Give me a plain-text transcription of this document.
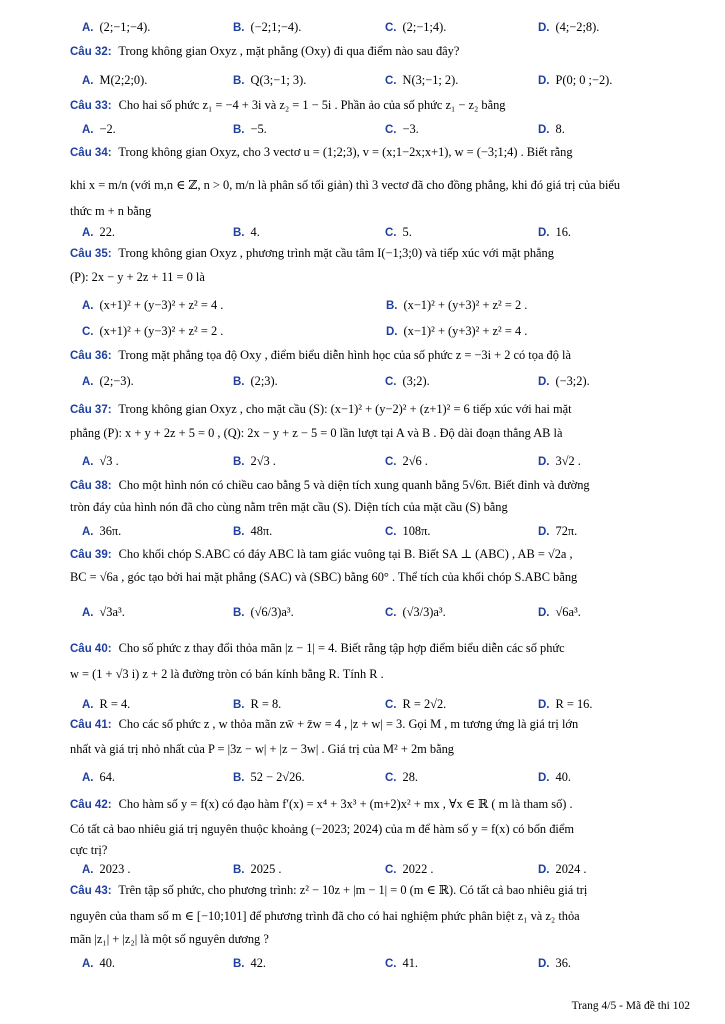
A. (2;−1;−4).	B. (−2;1;−4).	C. (2;−1;4).	D. (4;−2;8).
Câu 32: Trong không gian Oxyz , mặt phẳng (Oxy) đi qua điểm nào sau đây?
A. M(2;2;0).	B. Q(3;−1; 3).	C. N(3;−1; 2).	D. P(0; 0 ;−2).
Câu 33: Cho hai số phức z₁ = −4 + 3i và z₂ = 1 − 5i . Phần ảo của số phức z₁ − z₂ bằng
A. −2.	B. −5.	C. −3.	D. 8.
Câu 34: Trong không gian Oxyz, cho 3 vectơ u = (1;2;3), v = (x;1−2x;x+1), w = (−3;1;4) . Biết rằng
khi x = m/n (với m,n ∈ ℤ, n > 0, m/n là phân số tối giản) thì 3 vectơ đã cho đồng phẳng, khi đó giá trị của biểu
thức m + n bằng
A. 22.	B. 4.	C. 5.	D. 16.
Câu 35: Trong không gian Oxyz , phương trình mặt cầu tâm I(−1;3;0) và tiếp xúc với mặt phẳng
(P): 2x − y + 2z + 11 = 0 là
A. (x+1)² + (y−3)² + z² = 4 .	B. (x−1)² + (y+3)² + z² = 2 .
C. (x+1)² + (y−3)² + z² = 2 .	D. (x−1)² + (y+3)² + z² = 4 .
Câu 36: Trong mặt phẳng tọa độ Oxy , điểm biểu diễn hình học của số phức z = −3i + 2 có tọa độ là
A. (2;−3).	B. (2;3).	C. (3;2).	D. (−3;2).
Câu 37: Trong không gian Oxyz , cho mặt cầu (S): (x−1)² + (y−2)² + (z+1)² = 6 tiếp xúc với hai mặt
phẳng (P): x + y + 2z + 5 = 0 , (Q): 2x − y + z − 5 = 0 lần lượt tại A và B . Độ dài đoạn thẳng AB là
A. √3 .	B. 2√3 .	C. 2√6 .	D. 3√2 .
Câu 38: Cho một hình nón có chiều cao bằng 5 và diện tích xung quanh bằng 5√6π. Biết đỉnh và đường
tròn đáy của hình nón đã cho cùng nằm trên mặt cầu (S). Diện tích của mặt cầu (S) bằng
A. 36π.	B. 48π.	C. 108π.	D. 72π.
Câu 39: Cho khối chóp S.ABC có đáy ABC là tam giác vuông tại B. Biết SA ⊥ (ABC) , AB = √2a ,
BC = √6a , góc tạo bởi hai mặt phẳng (SAC) và (SBC) bằng 60° . Thể tích của khối chóp S.ABC bằng
A. √3a³.	B. (√6/3)a³.	C. (√3/3)a³.	D. √6a³.
Câu 40: Cho số phức z thay đổi thỏa mãn |z − 1| = 4. Biết rằng tập hợp điểm biểu diễn các số phức
w = (1 + √3 i) z + 2 là đường tròn có bán kính bằng R. Tính R .
A. R = 4.	B. R = 8.	C. R = 2√2.	D. R = 16.
Câu 41: Cho các số phức z , w thỏa mãn zw̄ + z̄w = 4 , |z + w| = 3. Gọi M , m tương ứng là giá trị lớn
nhất và giá trị nhỏ nhất của P = |3z − w| + |z − 3w| . Giá trị của M² + 2m bằng
A. 64.	B. 52 − 2√26.	C. 28.	D. 40.
Câu 42: Cho hàm số y = f(x) có đạo hàm f′(x) = x⁴ + 3x³ + (m+2)x² + mx , ∀x ∈ ℝ ( m là tham số) .
Có tất cả bao nhiêu giá trị nguyên thuộc khoảng (−2023; 2024) của m để hàm số y = f(x) có bốn điểm
cực trị?
A. 2023 .	B. 2025 .	C. 2022 .	D. 2024 .
Câu 43: Trên tập số phức, cho phương trình: z² − 10z + |m − 1| = 0 (m ∈ ℝ). Có tất cả bao nhiêu giá trị
nguyên của tham số m ∈ [−10;101] để phương trình đã cho có hai nghiệm phức phân biệt z₁ và z₂ thỏa
mãn |z₁| + |z₂| là một số nguyên dương ?
A. 40.	B. 42.	C. 41.	D. 36.
Trang 4/5 - Mã đề thi 102
